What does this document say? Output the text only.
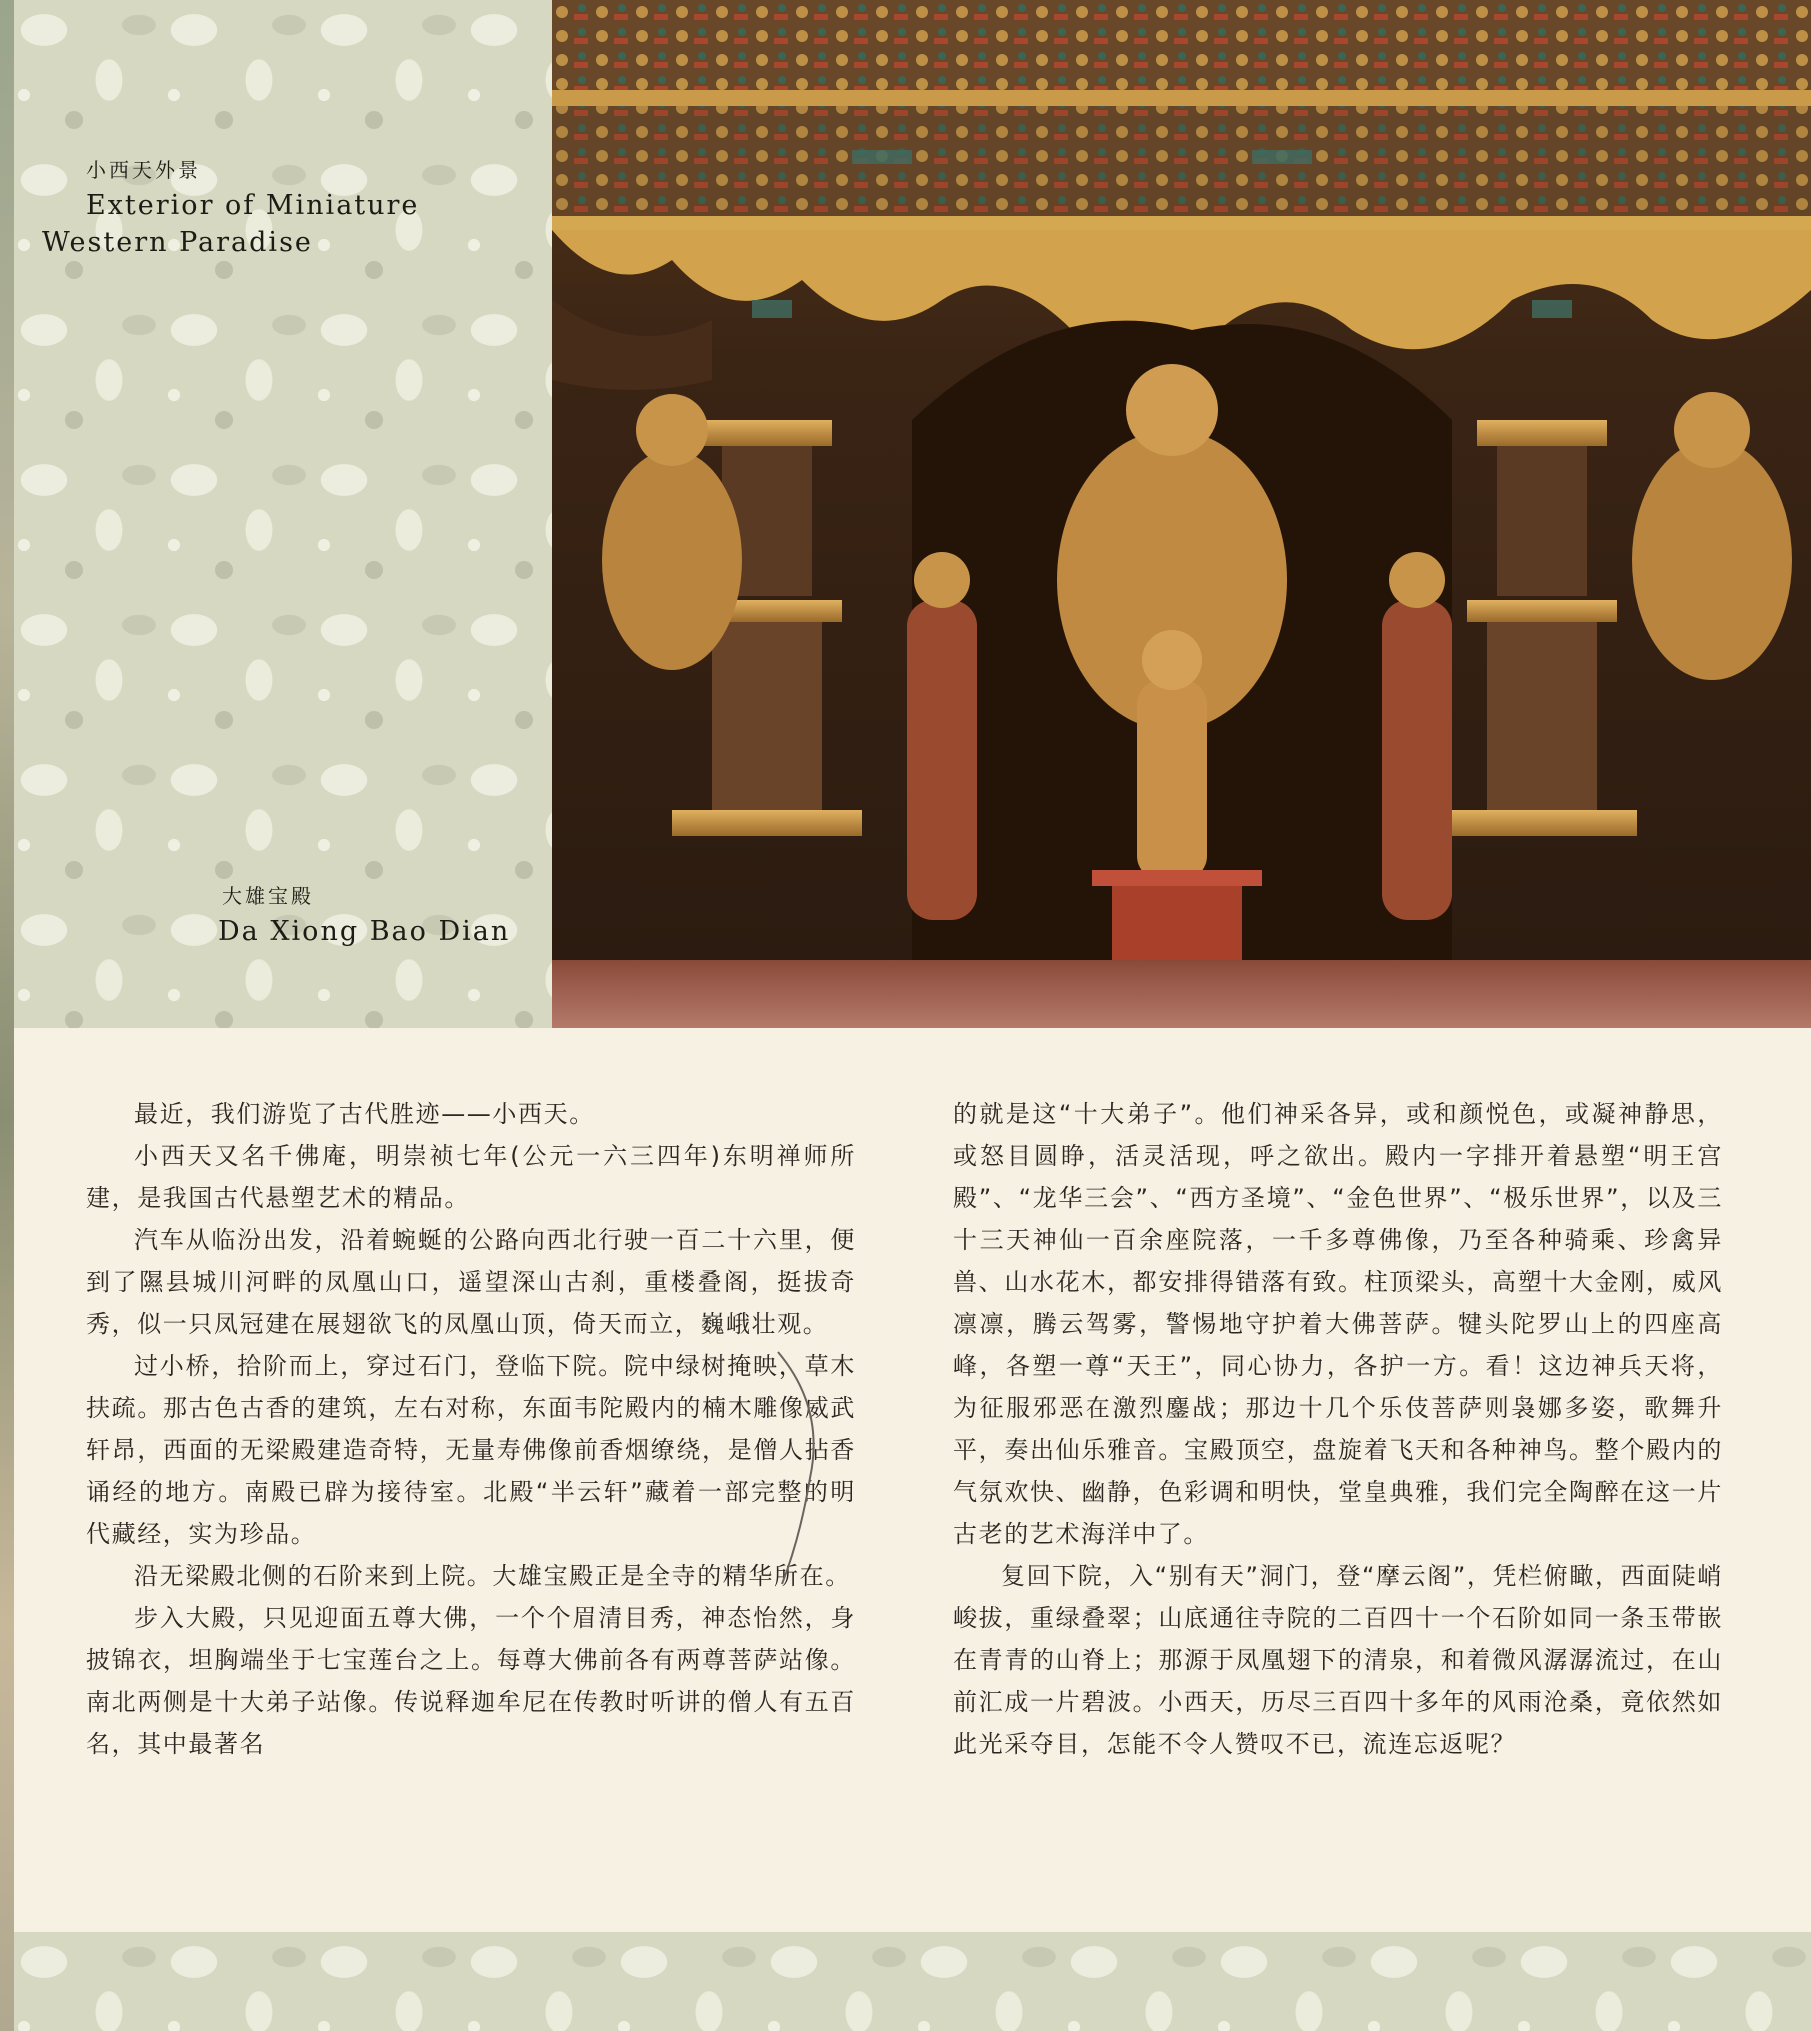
小西天外景
Exterior of Miniature
Western Paradise
大雄宝殿
Da Xiong Bao Dian

最近，我们游览了古代胜迹——小西天。

小西天又名千佛庵，明崇祯七年(公元一六三四年)东明禅师所建，是我国古代悬塑艺术的精品。

汽车从临汾出发，沿着蜿蜒的公路向西北行驶一百二十六里，便到了隰县城川河畔的凤凰山口，遥望深山古刹，重楼叠阁，挺拔奇秀，似一只凤冠建在展翅欲飞的凤凰山顶，倚天而立，巍峨壮观。

过小桥，拾阶而上，穿过石门，登临下院。院中绿树掩映，草木扶疏。那古色古香的建筑，左右对称，东面韦陀殿内的楠木雕像威武轩昂，西面的无梁殿建造奇特，无量寿佛像前香烟缭绕，是僧人拈香诵经的地方。南殿已辟为接待室。北殿“半云轩”藏着一部完整的明代藏经，实为珍品。

沿无梁殿北侧的石阶来到上院。大雄宝殿正是全寺的精华所在。

步入大殿，只见迎面五尊大佛，一个个眉清目秀，神态怡然，身披锦衣，坦胸端坐于七宝莲台之上。每尊大佛前各有两尊菩萨站像。南北两侧是十大弟子站像。传说释迦牟尼在传教时听讲的僧人有五百名，其中最著名

的就是这“十大弟子”。他们神采各异，或和颜悦色，或凝神静思，或怒目圆睁，活灵活现，呼之欲出。殿内一字排开着悬塑“明王宫殿”、“龙华三会”、“西方圣境”、“金色世界”、“极乐世界”，以及三十三天神仙一百余座院落，一千多尊佛像，乃至各种骑乘、珍禽异兽、山水花木，都安排得错落有致。柱顶梁头，高塑十大金刚，威风凛凛，腾云驾雾，警惕地守护着大佛菩萨。犍头陀罗山上的四座高峰，各塑一尊“天王”，同心协力，各护一方。看！这边神兵天将，为征服邪恶在激烈鏖战；那边十几个乐伎菩萨则袅娜多姿，歌舞升平，奏出仙乐雅音。宝殿顶空，盘旋着飞天和各种神鸟。整个殿内的气氛欢快、幽静，色彩调和明快，堂皇典雅，我们完全陶醉在这一片古老的艺术海洋中了。

复回下院，入“别有天”洞门，登“摩云阁”，凭栏俯瞰，西面陡峭峻拔，重绿叠翠；山底通往寺院的二百四十一个石阶如同一条玉带嵌在青青的山脊上；那源于凤凰翅下的清泉，和着微风潺潺流过，在山前汇成一片碧波。小西天，历尽三百四十多年的风雨沧桑，竟依然如此光采夺目，怎能不令人赞叹不已，流连忘返呢？
